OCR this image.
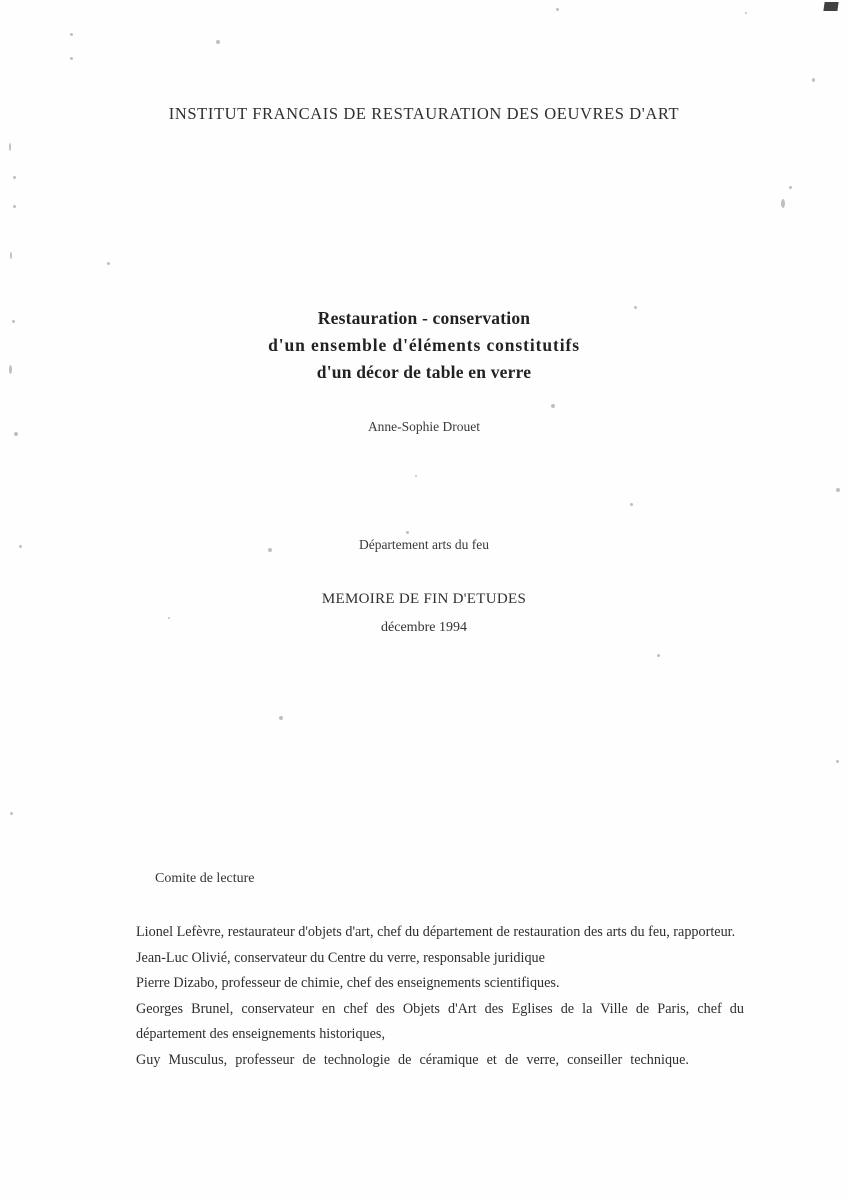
INSTITUT FRANCAIS DE RESTAURATION DES OEUVRES D'ART
Restauration - conservation
d'un ensemble d'éléments constitutifs
d'un décor de table en verre
Anne-Sophie Drouet
Département arts du feu
MEMOIRE DE FIN D'ETUDES
décembre 1994
Comite de lecture

Lionel Lefèvre, restaurateur d'objets d'art, chef du département de restauration des arts du feu, rapporteur.

Jean-Luc Olivié, conservateur du Centre du verre, responsable juridique

Pierre Dizabo, professeur de chimie, chef des enseignements scientifiques.

Georges Brunel, conservateur en chef des Objets d'Art des Eglises de la Ville de Paris, chef du département des enseignements historiques,

Guy Musculus, professeur de technologie de céramique et de verre, conseiller technique.
